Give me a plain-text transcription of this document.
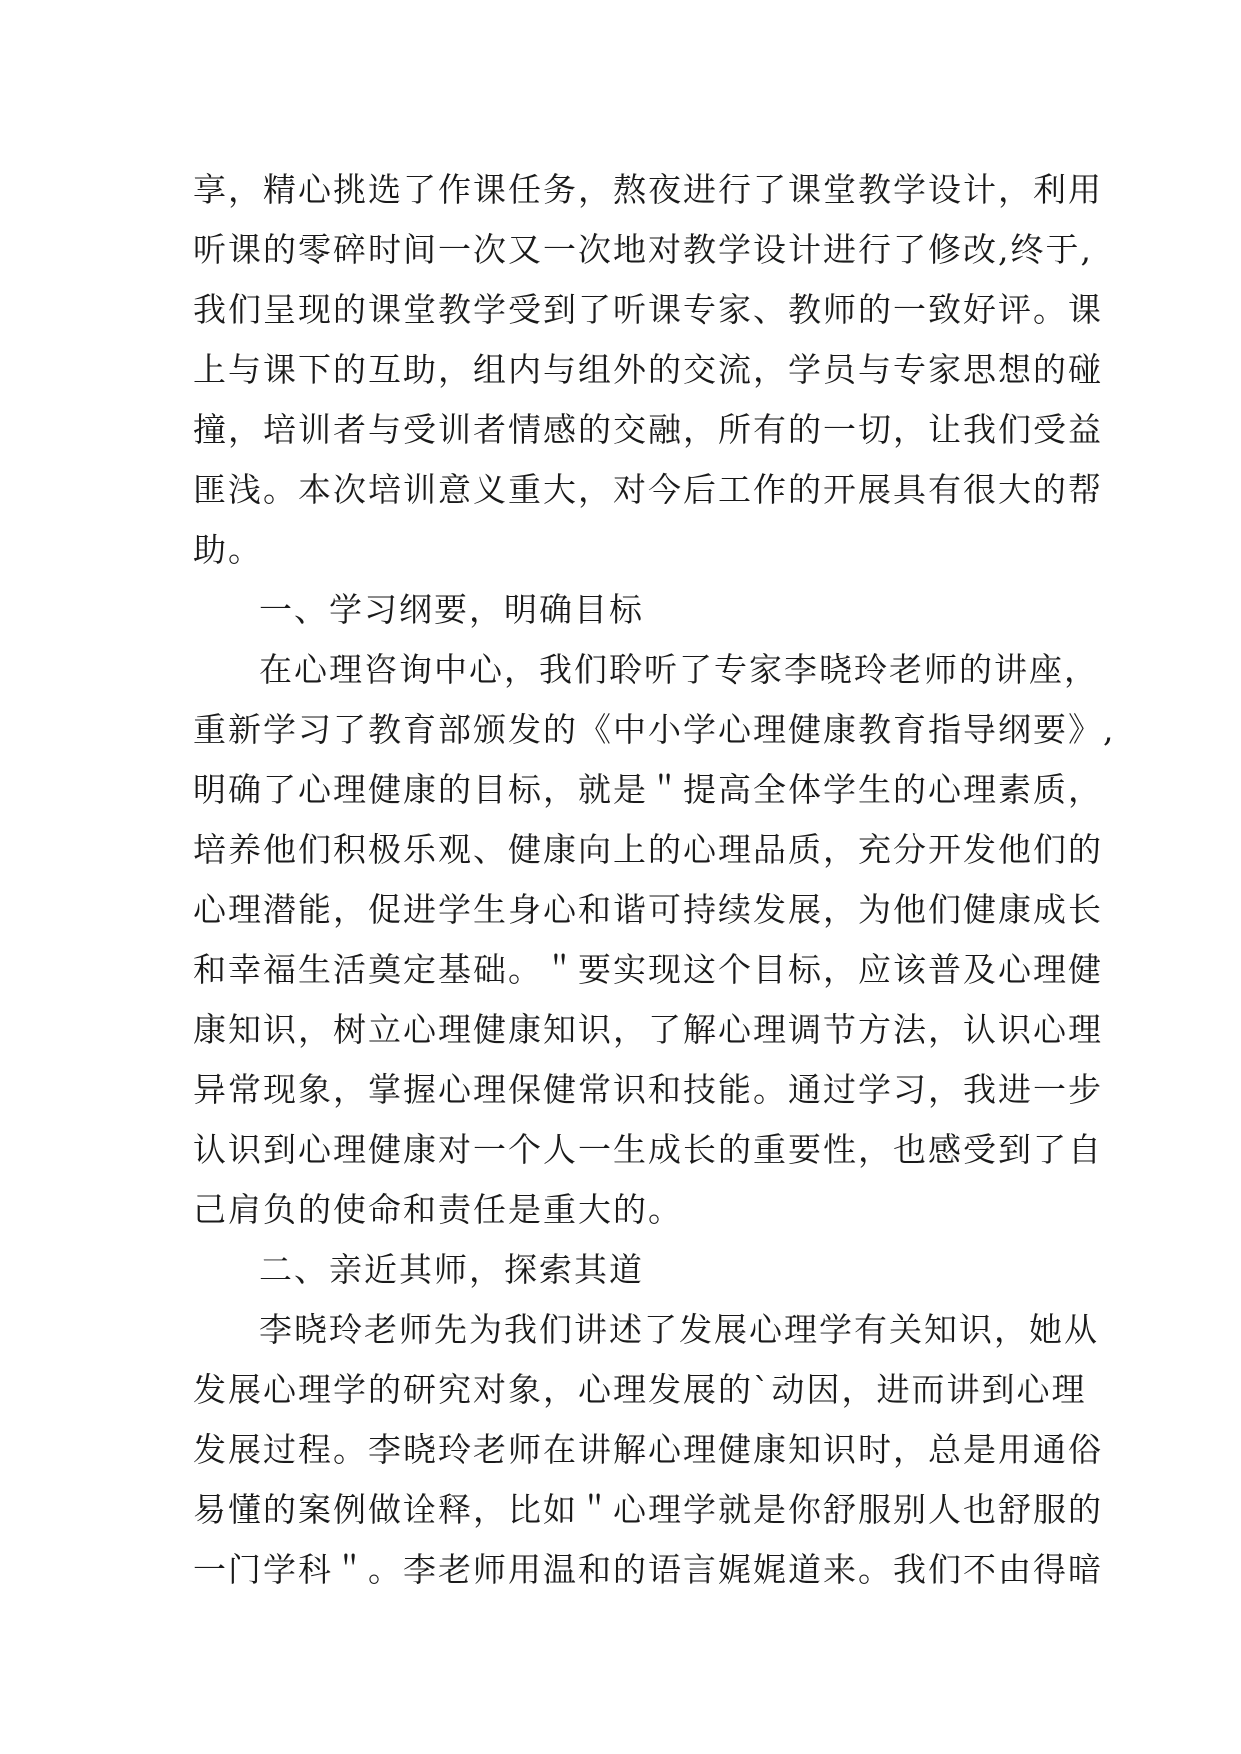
享，精心挑选了作课任务，熬夜进行了课堂教学设计，利用
听课的零碎时间一次又一次地对教学设计进行了修改,终于,
我们呈现的课堂教学受到了听课专家、教师的一致好评。课
上与课下的互助，组内与组外的交流，学员与专家思想的碰
撞，培训者与受训者情感的交融，所有的一切，让我们受益
匪浅。本次培训意义重大，对今后工作的开展具有很大的帮
助。
一、学习纲要，明确目标
在心理咨询中心，我们聆听了专家李晓玲老师的讲座，
重新学习了教育部颁发的《中小学心理健康教育指导纲要》,
明确了心理健康的目标，就是＂提高全体学生的心理素质，
培养他们积极乐观、健康向上的心理品质，充分开发他们的
心理潜能，促进学生身心和谐可持续发展，为他们健康成长
和幸福生活奠定基础。＂要实现这个目标，应该普及心理健
康知识，树立心理健康知识，了解心理调节方法，认识心理
异常现象，掌握心理保健常识和技能。通过学习，我进一步
认识到心理健康对一个人一生成长的重要性，也感受到了自
己肩负的使命和责任是重大的。
二、亲近其师，探索其道
李晓玲老师先为我们讲述了发展心理学有关知识，她从
发展心理学的研究对象，心理发展的`动因，进而讲到心理
发展过程。李晓玲老师在讲解心理健康知识时，总是用通俗
易懂的案例做诠释，比如＂心理学就是你舒服别人也舒服的
一门学科＂。李老师用温和的语言娓娓道来。我们不由得暗
